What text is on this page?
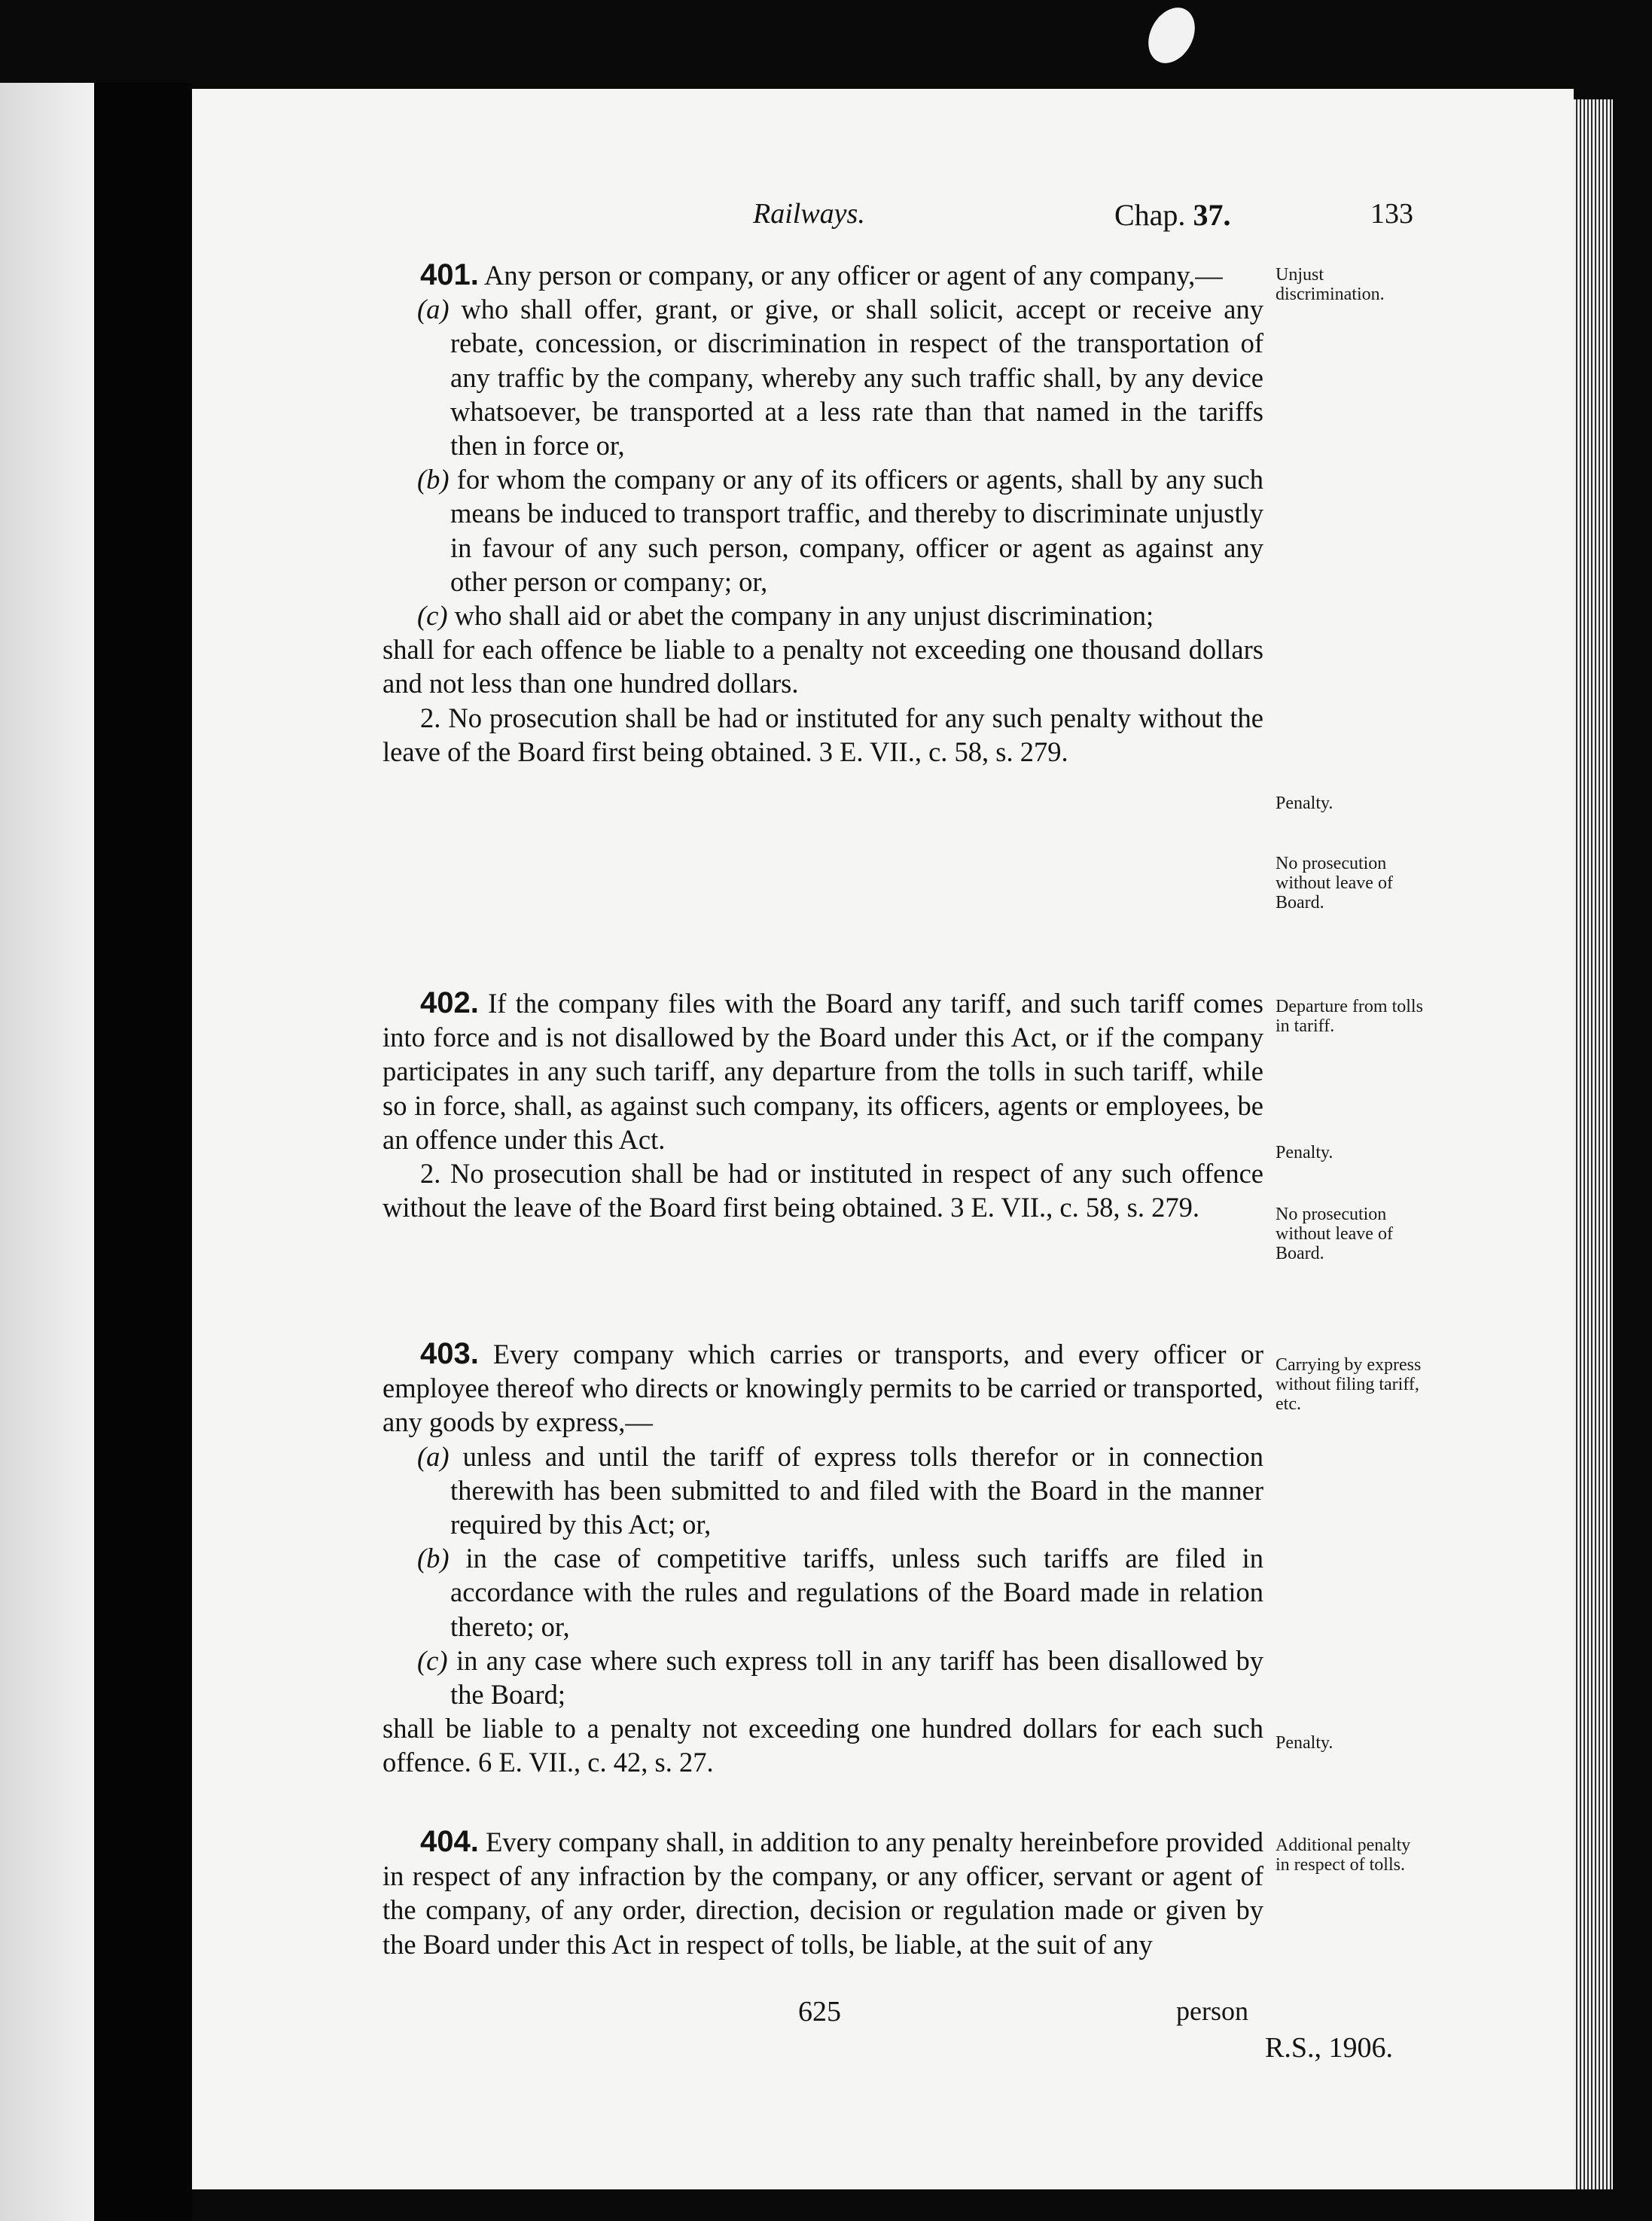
Railways.	Chap. 37.	133
401. Any person or company, or any officer or agent of any company,—
(a) who shall offer, grant, or give, or shall solicit, accept or receive any rebate, concession, or discrimination in respect of the transportation of any traffic by the company, whereby any such traffic shall, by any device whatsoever, be transported at a less rate than that named in the tariffs then in force or,
(b) for whom the company or any of its officers or agents, shall by any such means be induced to transport traffic, and thereby to discriminate unjustly in favour of any such person, company, officer or agent as against any other person or company; or,
(c) who shall aid or abet the company in any unjust discrimination;
shall for each offence be liable to a penalty not exceeding one thousand dollars and not less than one hundred dollars.
2. No prosecution shall be had or instituted for any such penalty without the leave of the Board first being obtained. 3 E. VII., c. 58, s. 279.
402. If the company files with the Board any tariff, and such tariff comes into force and is not disallowed by the Board under this Act, or if the company participates in any such tariff, any departure from the tolls in such tariff, while so in force, shall, as against such company, its officers, agents or employees, be an offence under this Act.
2. No prosecution shall be had or instituted in respect of any such offence without the leave of the Board first being obtained. 3 E. VII., c. 58, s. 279.
403. Every company which carries or transports, and every officer or employee thereof who directs or knowingly permits to be carried or transported, any goods by express,—
(a) unless and until the tariff of express tolls therefor or in connection therewith has been submitted to and filed with the Board in the manner required by this Act; or,
(b) in the case of competitive tariffs, unless such tariffs are filed in accordance with the rules and regulations of the Board made in relation thereto; or,
(c) in any case where such express toll in any tariff has been disallowed by the Board;
shall be liable to a penalty not exceeding one hundred dollars for each such offence. 6 E. VII., c. 42, s. 27.
404. Every company shall, in addition to any penalty hereinbefore provided in respect of any infraction by the company, or any officer, servant or agent of the company, of any order, direction, decision or regulation made or given by the Board under this Act in respect of tolls, be liable, at the suit of any
Unjust discrimination.
Penalty.
No prosecution without leave of Board.
Departure from tolls in tariff.
Penalty.
No prosecution without leave of Board.
Carrying by express without filing tariff, etc.
Penalty.
Additional penalty in respect of tolls.
625	person
R.S., 1906.
